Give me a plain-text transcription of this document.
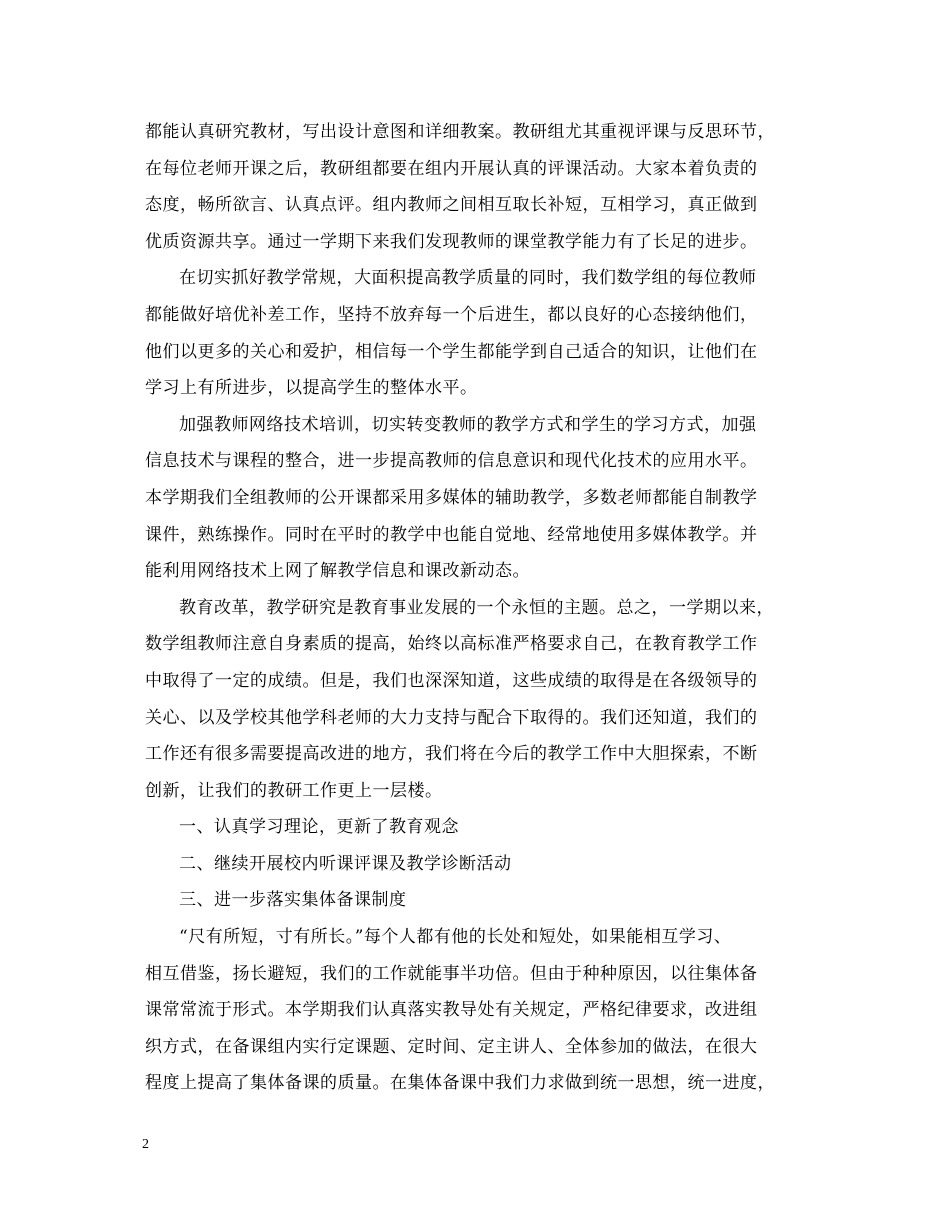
都能认真研究教材，写出设计意图和详细教案。教研组尤其重视评课与反思环节，
在每位老师开课之后，教研组都要在组内开展认真的评课活动。大家本着负责的
态度，畅所欲言、认真点评。组内教师之间相互取长补短，互相学习，真正做到
优质资源共享。通过一学期下来我们发现教师的课堂教学能力有了长足的进步。
在切实抓好教学常规，大面积提高教学质量的同时，我们数学组的每位教师
都能做好培优补差工作，坚持不放弃每一个后进生，都以良好的心态接纳他们，
他们以更多的关心和爱护，相信每一个学生都能学到自己适合的知识，让他们在
学习上有所进步，以提高学生的整体水平。
加强教师网络技术培训，切实转变教师的教学方式和学生的学习方式，加强
信息技术与课程的整合，进一步提高教师的信息意识和现代化技术的应用水平。
本学期我们全组教师的公开课都采用多媒体的辅助教学，多数老师都能自制教学
课件，熟练操作。同时在平时的教学中也能自觉地、经常地使用多媒体教学。并
能利用网络技术上网了解教学信息和课改新动态。
教育改革，教学研究是教育事业发展的一个永恒的主题。总之，一学期以来，
数学组教师注意自身素质的提高，始终以高标准严格要求自己，在教育教学工作
中取得了一定的成绩。但是，我们也深深知道，这些成绩的取得是在各级领导的
关心、以及学校其他学科老师的大力支持与配合下取得的。我们还知道，我们的
工作还有很多需要提高改进的地方，我们将在今后的教学工作中大胆探索，不断
创新，让我们的教研工作更上一层楼。
一、认真学习理论，更新了教育观念
二、继续开展校内听课评课及教学诊断活动
三、进一步落实集体备课制度
“尺有所短，寸有所长。”每个人都有他的长处和短处，如果能相互学习、
相互借鉴，扬长避短，我们的工作就能事半功倍。但由于种种原因，以往集体备
课常常流于形式。本学期我们认真落实教导处有关规定，严格纪律要求，改进组
织方式，在备课组内实行定课题、定时间、定主讲人、全体参加的做法，在很大
程度上提高了集体备课的质量。在集体备课中我们力求做到统一思想，统一进度，
2
